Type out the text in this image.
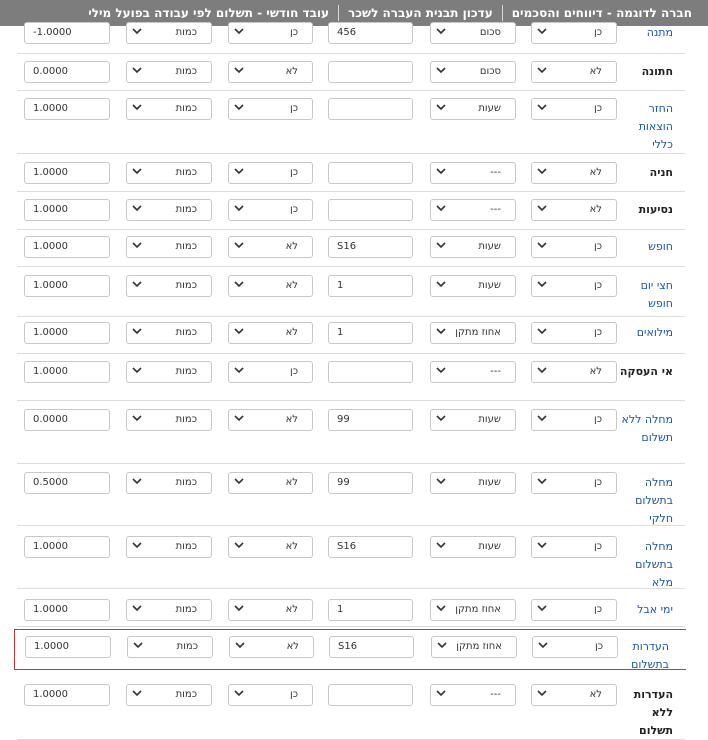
חברה לדוגמה - דיווחים והסכמים
עדכון תבנית העברה לשכר
עובד חודשי - תשלום לפי עבודה בפועל מילי
מתנה
כן
סכום
456
כן
כמות
-1.0000
חתונה
לא
סכום
לא
כמות
0.0000
החזר הוצאות כללי
כן
שעות
כן
כמות
1.0000
חניה
לא
---
כן
כמות
1.0000
נסיעות
לא
---
כן
כמות
1.0000
חופש
כן
שעות
S16
לא
כמות
1.0000
חצי יום חופש
כן
שעות
1
לא
כמות
1.0000
מילואים
כן
אחוז מתקן
1
לא
כמות
1.0000
אי העסקה
לא
---
כן
כמות
1.0000
מחלה ללא תשלום
כן
שעות
99
לא
כמות
0.0000
מחלה בתשלום חלקי
כן
שעות
99
לא
כמות
0.5000
מחלה בתשלום מלא
כן
שעות
S16
לא
כמות
1.0000
ימי אבל
כן
אחוז מתקן
1
לא
כמות
1.0000
העדרות בתשלום
כן
אחוז מתקן
S16
לא
כמות
1.0000
העדרות ללא תשלום
לא
---
כן
כמות
1.0000
